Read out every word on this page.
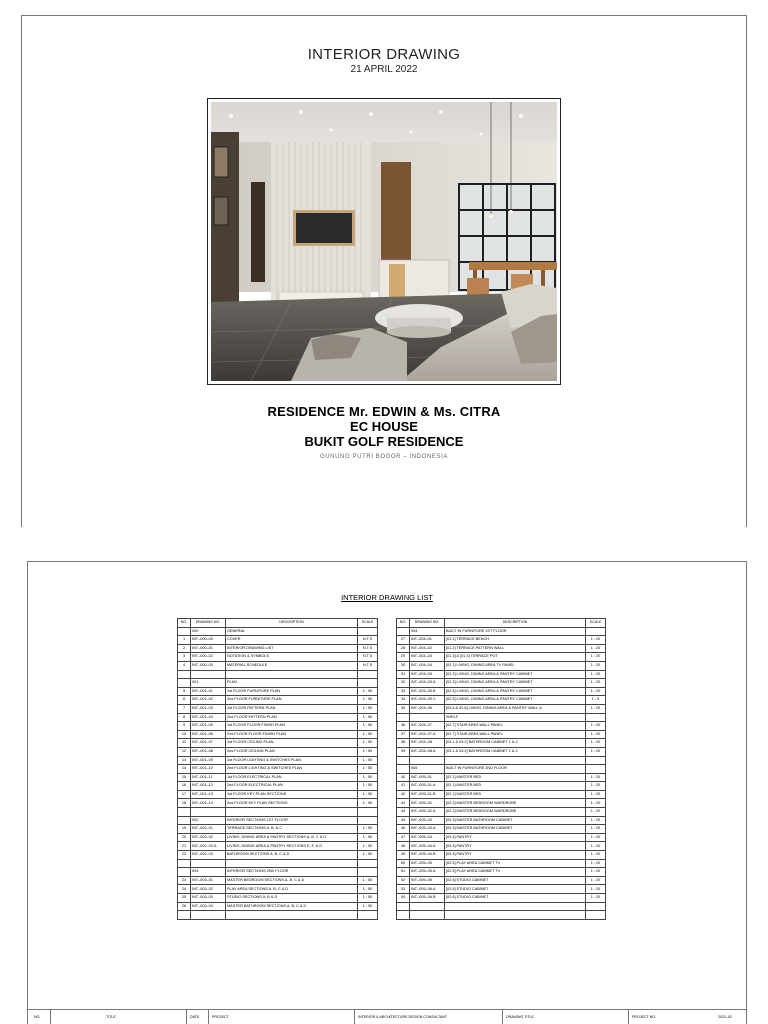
INTERIOR DRAWING
21 APRIL 2022
RESIDENCE Mr. EDWIN & Ms. CITRA
EC HOUSE
BUKIT GOLF RESIDENCE
GUNUNG PUTRI BOGOR – INDONESIA
INTERIOR DRAWING LIST
NO.	DRAWING NO.	DESCRIPTION	SCALE
	000	GENERAL	
1	INT–000–00	COVER	N.T.S
2	INT–000–01	INTERIOR DRAWING LIST	N.T.S
3	INT–000–02	NOTATION & SYMBOLS	N.T.S
4	INT–000–03	MATERIAL SCHEDULE	N.T.S

	001	PLAN	
5	INT–001–01	1st FLOOR FURNITURE PLAN	1 : 50
6	INT–001–02	2nd FLOOR FURNITURE PLAN	1 : 50
7	INT–001–03	1st FLOOR PATTERN PLAN	1 : 50
8	INT–001–04	2nd FLOOR PATTERN PLAN	1 : 50
9	INT–001–05	1st FLOOR FLOOR FINISH PLAN	1 : 50
10	INT–001–06	2nd FLOOR FLOOR FINISH PLAN	1 : 50
11	INT–001–07	1st FLOOR CEILING PLAN	1 : 50
12	INT–001–08	2nd FLOOR CEILING PLAN	1 : 50
13	INT–001–09	1st FLOOR LIGHTING & SWITCHES PLAN	1 : 50
14	INT–001–10	2nd FLOOR LIGHTING & SWITCHES PLAN	1 : 50
15	INT–001–11	1st FLOOR ELECTRICAL PLAN	1 : 50
16	INT–001–12	2nd FLOOR ELECTRICAL PLAN	1 : 50
17	INT–001–13	1st FLOOR KEY PLAN SECTIONS	1 : 50
18	INT–001–14	2nd FLOOR KEY PLAN SECTIONS	1 : 50

	002	INTERIOR SECTIONS 1ST FLOOR	
19	INT–002–01	TERRACE SECTIONS A, B, & C	1 : 50
20	INT–002–02	LIVING, DINING AREA & PANTRY SECTIONS A, B, C & D	1 : 50
21	INT–002–02.A	LIVING, DINING AREA & PANTRY SECTIONS E, F, & G	1 : 50
22	INT–002–03	BATHROOM SECTIONS A, B, C & D	1 : 50

	003	INTERIOR SECTIONS 2ND FLOOR	
23	INT–003–01	MASTER BEDROOM SECTIONS A, B, C & D	1 : 50
24	INT–003–02	PLAY AREA SECTIONS A, B, C & D	1 : 50
25	INT–003–03	STUDIO SECTIONS A, B & D	1 : 50
26	INT–003–04	MASTER BATHROOM SECTIONS A, B, C & D	1 : 50

NO.	DRAWING NO.	DESCRIPTION	SCALE
	004	BUILT IN FURNITURE 1ST FLOOR	
27	INT–004–01	[01.1] TERRACE BENCH	1 : 20
28	INT–004–02	[01.2] TERRACE PATTERN WALL	1 : 20
29	INT–004–03	[01.3] & [01.4] TERRACE POT	1 : 20
30	INT–004–04	[02.1] LIVING, DINING AREA TV PANEL	1 : 20
31	INT–004–05	[02.2] LIVING, DINING AREA & PANTRY CABINET	1 : 20
32	INT–004–05.A	[02.3] LIVING, DINING AREA & PANTRY CABINET	1 : 20
33	INT–004–05.B	[02.4] LIVING, DINING AREA & PANTRY CABINET	1 : 20
34	INT–004–05.C	[02.5] LIVING, DINING AREA & PANTRY CABINET	1 : 5
35	INT–004–06	[02.6 & 02.8] LIVING, DINING AREA & PANTRY WALL &	1 : 20
		SHELF	
36	INT–004–07	[02.7] STAIR AREA WALL PANEL	1 : 20
37	INT–004–07.A	[02.7] STAIR AREA WALL PANEL	1 : 20
38	INT–004–08	[03.1 & 03.2] BATHROOM CABINET 1 & 2	1 : 20
39	INT–004–08.A	[03.1 & 03.2] BATHROOM CABINET 1 & 2	1 : 20

	005	BUILT IN FURNITURE 2ND FLOOR	
40	INT–005–01	[02.1] MASTER BED	1 : 20
41	INT–005–01.A	[02.1] MASTER BED	1 : 20
42	INT–005–01.B	[02.1] MASTER BED	1 : 20
43	INT–005–02	[02.2] MASTER BEDROOM WARDROBE	1 : 20
44	INT–005–02.A	[02.2] MASTER BEDROOM WARDROBE	1 : 20
45	INT–005–03	[02.3] MASTER BATHROOM CABINET	1 : 20
46	INT–005–03.A	[02.3] MASTER BATHROOM CABINET	1 : 20
47	INT–005–04	[03.4] PANTRY	1 : 20
48	INT–005–04.A	[03.4] PANTRY	1 : 20
49	INT–005–04.B	[03.4] PANTRY	1 : 20
50	INT–005–05	[02.5] PLAY AREA CABINET TV	1 : 20
51	INT–005–05.A	[02.5] PLAY AREA CABINET TV	1 : 20
52	INT–005–06	[02.6] STUDIO CABINET	1 : 20
53	INT–005–06.A	[02.6] STUDIO CABINET	1 : 20
54	INT–005–06.B	[02.6] STUDIO CABINET	1 : 20

NO.	TITLE	DATE	PROJECT	INTERIOR & ARCHITECTURE DESIGN CONSULTANT	DRAWING TITLE	PROJECT NO.	2022–02
